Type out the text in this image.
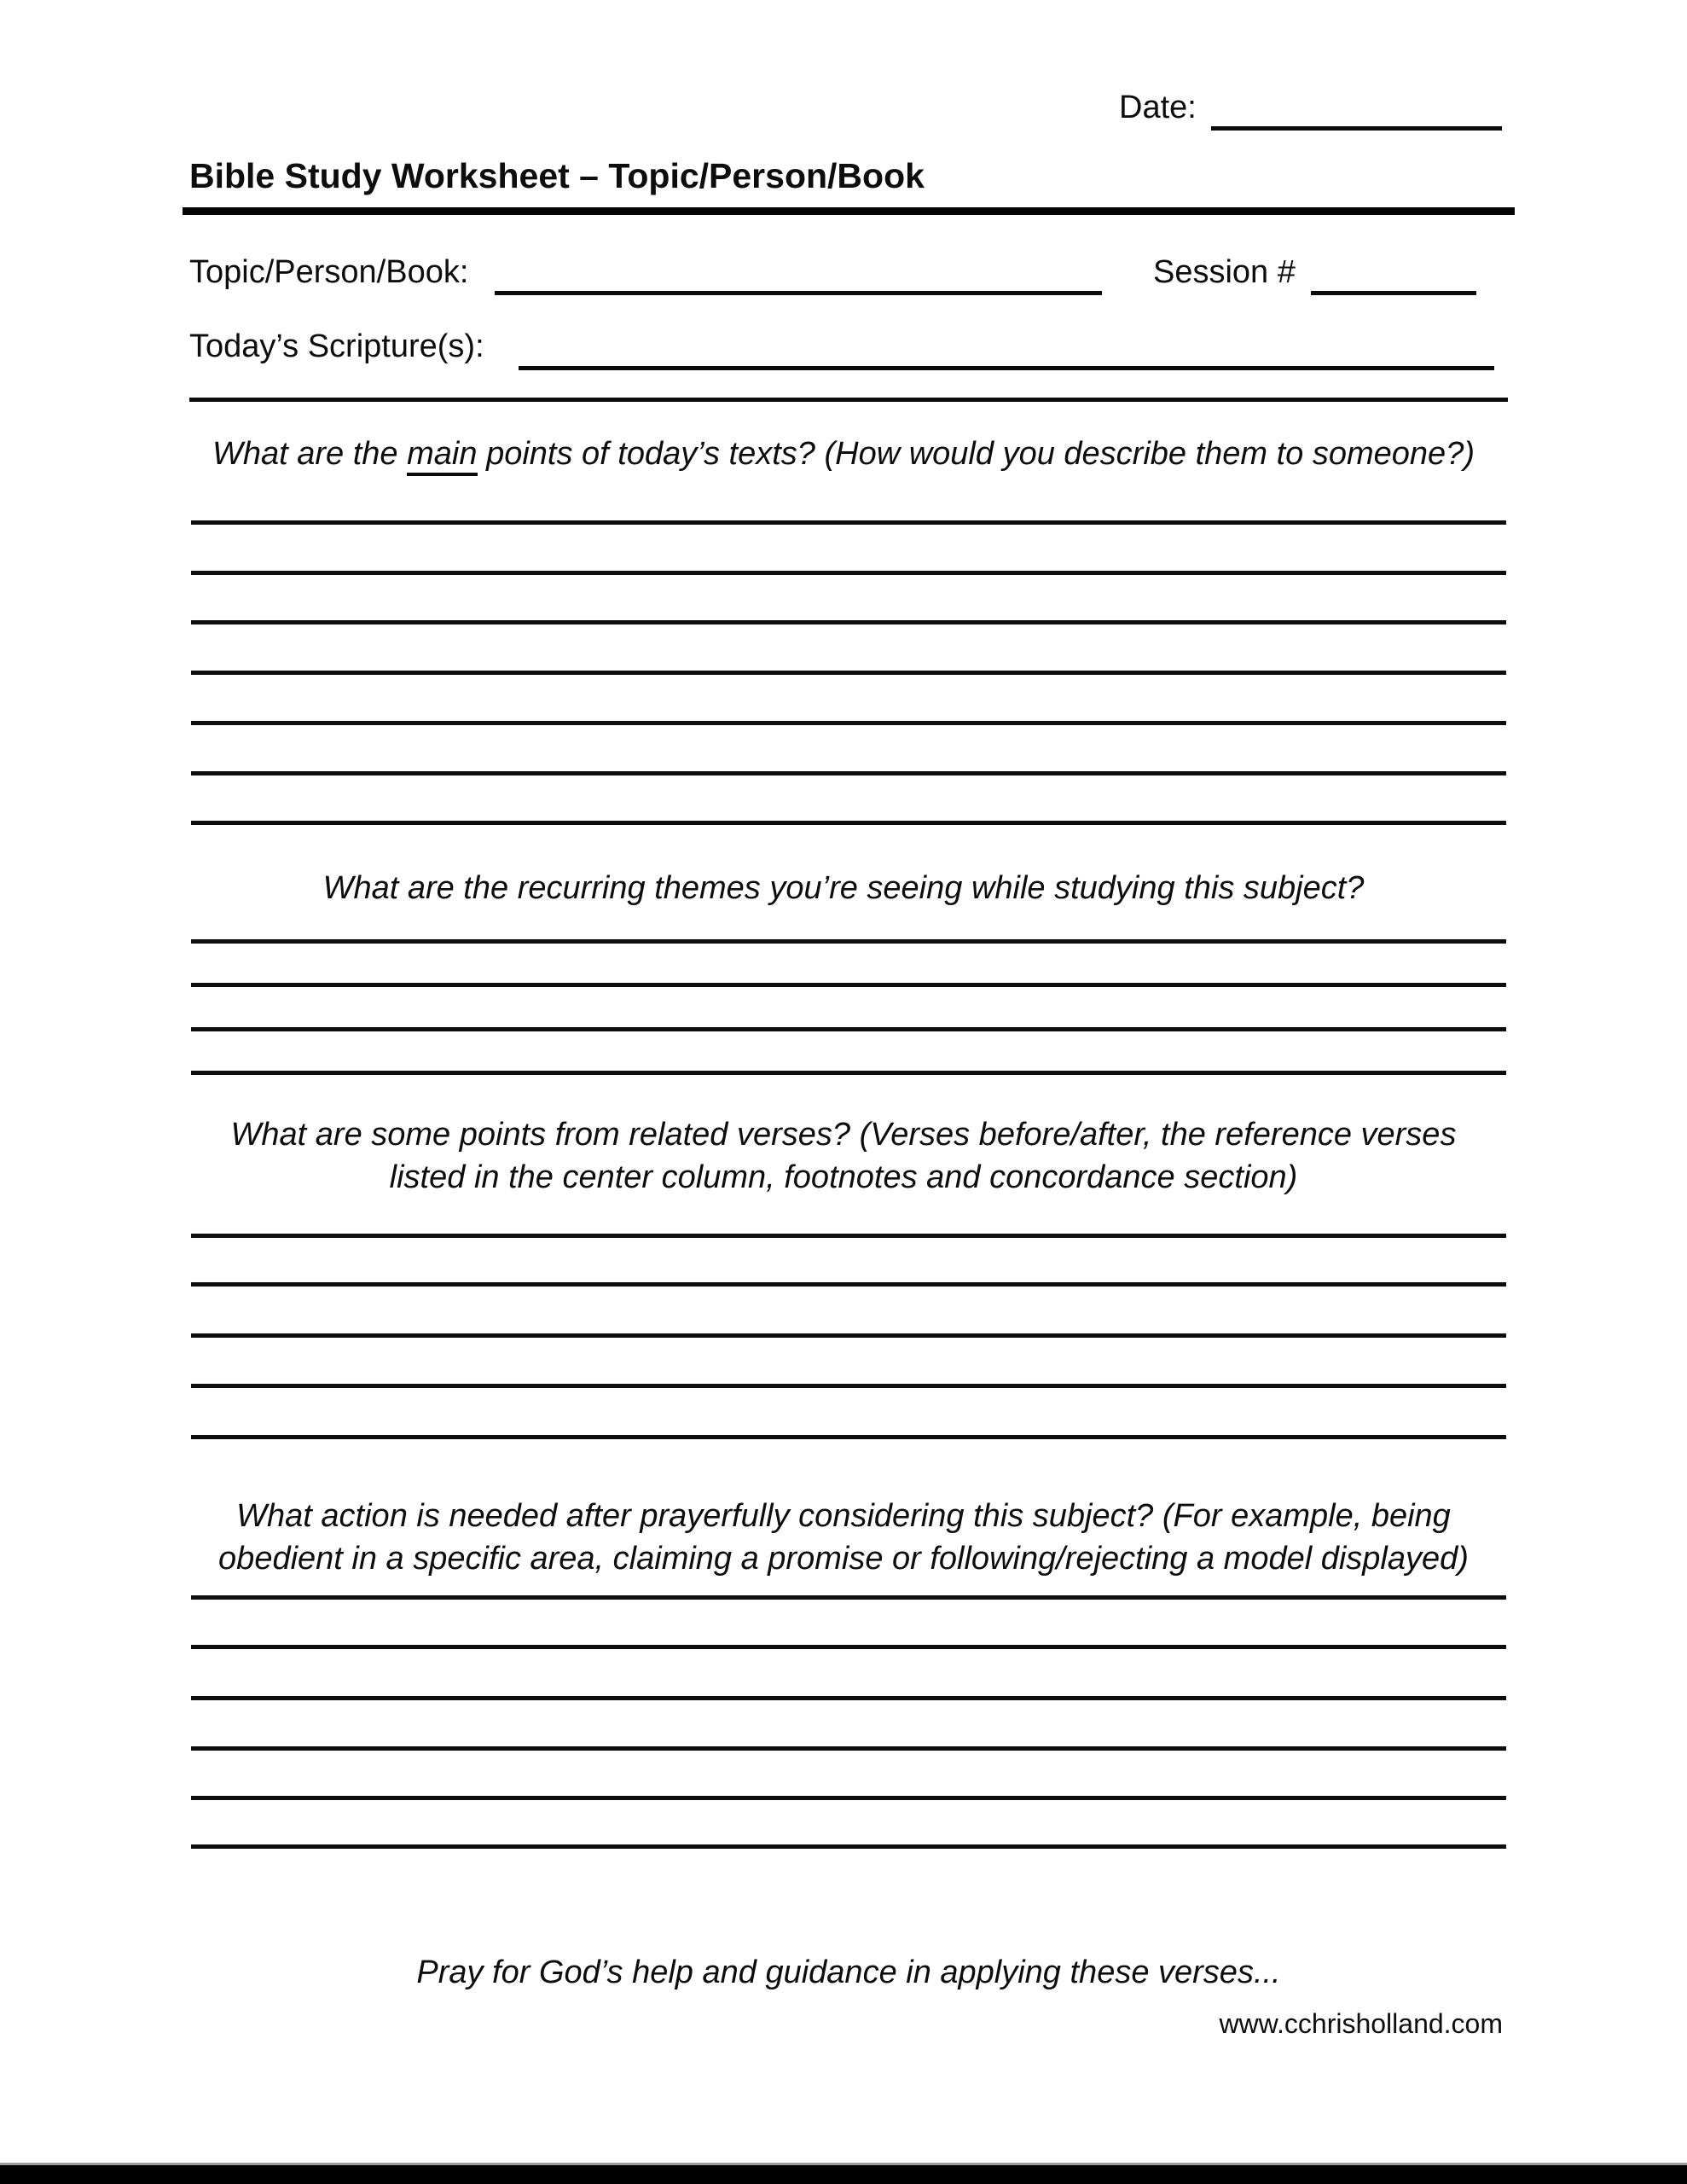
Date:
Bible Study Worksheet – Topic/Person/Book
Topic/Person/Book:	Session #
Today’s Scripture(s):
What are the main points of today’s texts? (How would you describe them to someone?)
What are the recurring themes you’re seeing while studying this subject?
What are some points from related verses? (Verses before/after, the reference verses
listed in the center column, footnotes and concordance section)
What action is needed after prayerfully considering this subject? (For example, being
obedient in a specific area, claiming a promise or following/rejecting a model displayed)
Pray for God’s help and guidance in applying these verses...
www.cchrisholland.com
